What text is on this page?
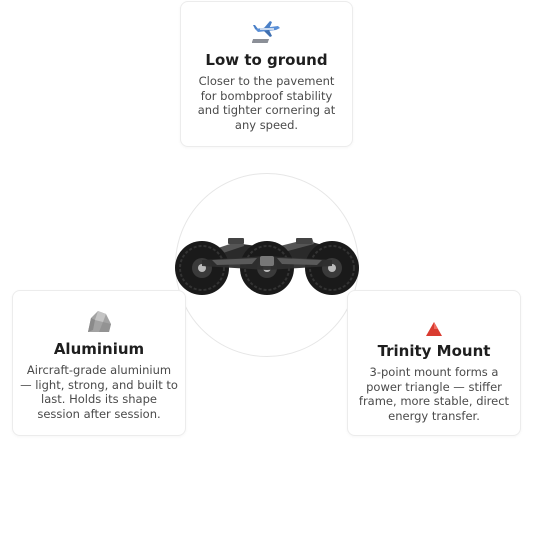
Low to ground
Closer to the pavement for bombproof stability and tighter cornering at any speed.
Aluminium
Aircraft-grade aluminium — light, strong, and built to last. Holds its shape session after session.
Trinity Mount
3-point mount forms a power triangle — stiffer frame, more stable, direct energy transfer.
